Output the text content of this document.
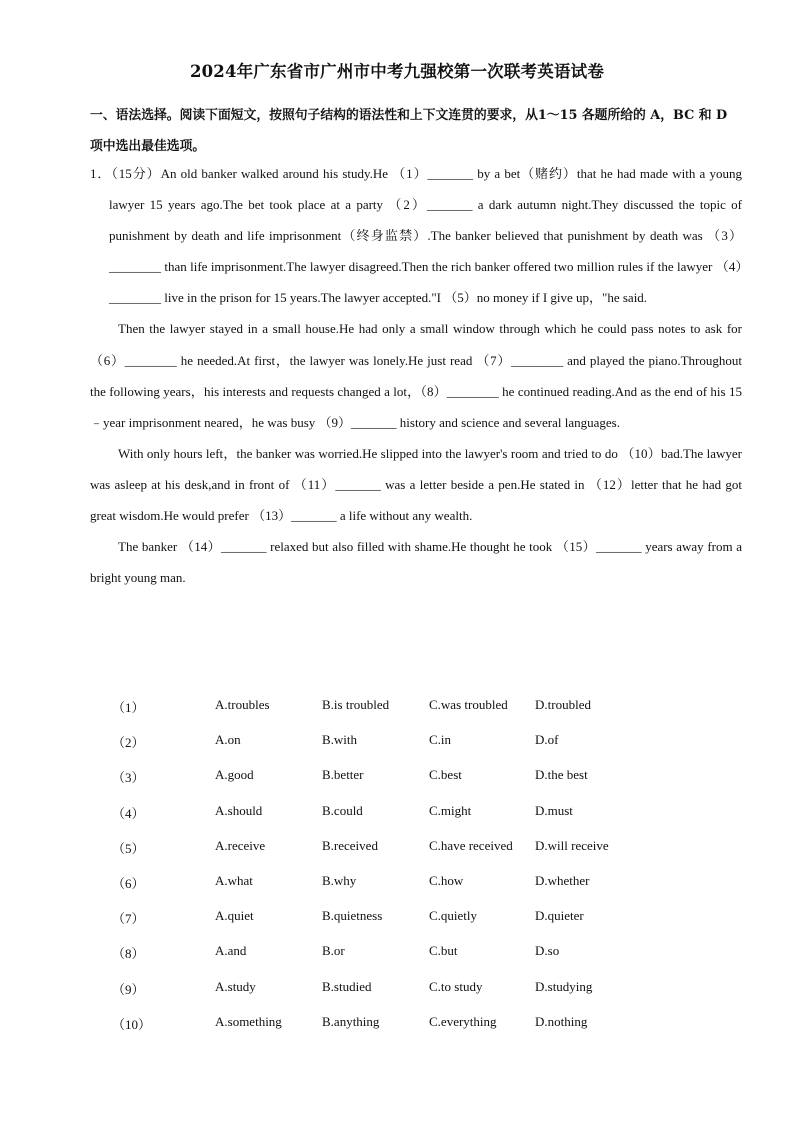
2024年广东省市广州市中考九强校第一次联考英语试卷
一、语法选择。阅读下面短文，按照句子结构的语法性和上下文连贯的要求，从1～15 各题所给的 A，BC 和 D 项中选出最佳选项。

1．（15分）An old banker walked around his study.He （1）_______ by a bet（赌约）that he had made with a young lawyer 15 years ago.The bet took place at a party （2）_______ a dark autumn night.They discussed the topic of punishment by death and life imprisonment（终身监禁）.The banker believed that punishment by death was （3）________ than life imprisonment.The lawyer disagreed.Then the rich banker offered two million rules if the lawyer （4）________ live in the prison for 15 years.The lawyer accepted."I （5）no money if I give up，"he said.

Then the lawyer stayed in a small house.He had only a small window through which he could pass notes to ask for （6）________ he needed.At first，the lawyer was lonely.He just read （7）________ and played the piano.Throughout the following years，his interests and requests changed a lot，（8）________ he continued reading.And as the end of his 15﹣year imprisonment neared，he was busy （9）_______ history and science and several languages.

With only hours left，the banker was worried.He slipped into the lawyer's room and tried to do （10）bad.The lawyer was asleep at his desk,and in front of （11）_______ was a letter beside a pen.He stated in （12）letter that he had got great wisdom.He would prefer （13）_______ a life without any wealth.

The banker （14）_______ relaxed but also filled with shame.He thought he took （15）_______ years away from a bright young man.

（1）	A.troubles	B.is troubled	C.was troubled D.troubled
（2）	A.on	B.with	C.in	D.of
（3）	A.good	B.better	C.best	D.the best
（4）	A.should	B.could	C.might	D.must
（5）	A.receive	B.received	C.have received D.will receive
（6）	A.what	B.why	C.how	D.whether
（7）	A.quiet	B.quietness	C.quietly	D.quieter
（8）	A.and	B.or	C.but	D.so
（9）	A.study	B.studied	C.to study	D.studying
（10）	A.something	B.anything	C.everything	D.nothing
